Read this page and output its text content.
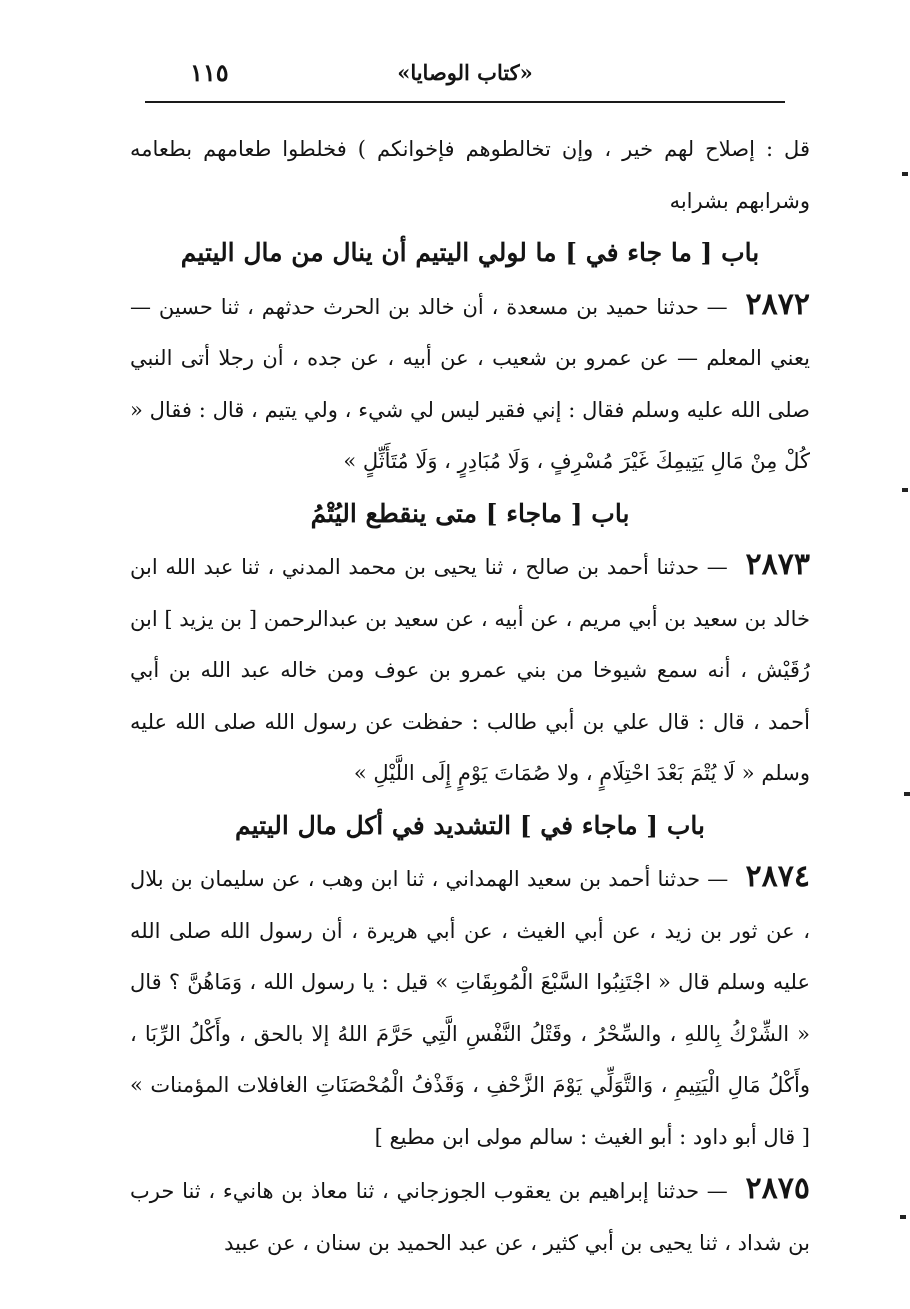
«كتاب الوصايا»
١١٥

قل : إصلاح لهم خير ، وإن تخالطوهم فإخوانكم ) فخلطوا طعامهم بطعامه وشرابهم بشرابه

باب [ ما جاء في ] ما لولي اليتيم أن ينال من مال اليتيم

٢٨٧٢ — حدثنا حميد بن مسعدة ، أن خالد بن الحرث حدثهم ، ثنا حسين — يعني المعلم — عن عمرو بن شعيب ، عن أبيه ، عن جده ، أن رجلا أتى النبي صلى الله عليه وسلم فقال : إني فقير ليس لي شيء ، ولي يتيم ، قال : فقال « كُلْ مِنْ مَالِ يَتِيمِكَ غَيْرَ مُسْرِفٍ ، وَلَا مُبَادِرٍ ، وَلَا مُتَأَثِّلٍ »

باب [ ماجاء ] متى ينقطع اليُتْمُ

٢٨٧٣ — حدثنا أحمد بن صالح ، ثنا يحيى بن محمد المدني ، ثنا عبد الله ابن خالد بن سعيد بن أبي مريم ، عن أبيه ، عن سعيد بن عبدالرحمن [ بن يزيد ] ابن رُقَيْش ، أنه سمع شيوخا من بني عمرو بن عوف ومن خاله عبد الله بن أبي أحمد ، قال : قال علي بن أبي طالب : حفظت عن رسول الله صلى الله عليه وسلم « لَا يُتْمَ بَعْدَ احْتِلَامٍ ، ولا صُمَاتَ يَوْمٍ إِلَى اللَّيْلِ »

باب [ ماجاء في ] التشديد في أكل مال اليتيم

٢٨٧٤ — حدثنا أحمد بن سعيد الهمداني ، ثنا ابن وهب ، عن سليمان بن بلال ، عن ثور بن زيد ، عن أبي الغيث ، عن أبي هريرة ، أن رسول الله صلى الله عليه وسلم قال « اجْتَنِبُوا السَّبْعَ الْمُوبِقَاتِ » قيل : يا رسول الله ، وَمَاهُنَّ ؟ قال « الشِّرْكُ بِاللهِ ، والسِّحْرُ ، وقَتْلُ النَّفْسِ الَّتِي حَرَّمَ اللهُ إلا بالحق ، وأَكْلُ الرِّبَا ، وأَكْلُ مَالِ الْيَتِيمِ ، وَالتَّوَلِّي يَوْمَ الزَّحْفِ ، وَقَذْفُ الْمُحْصَنَاتِ الغافلات المؤمنات » [ قال أبو داود : أبو الغيث : سالم مولى ابن مطيع ]

٢٨٧٥ — حدثنا إبراهيم بن يعقوب الجوزجاني ، ثنا معاذ بن هانيء ، ثنا حرب بن شداد ، ثنا يحيى بن أبي كثير ، عن عبد الحميد بن سنان ، عن عبيد
